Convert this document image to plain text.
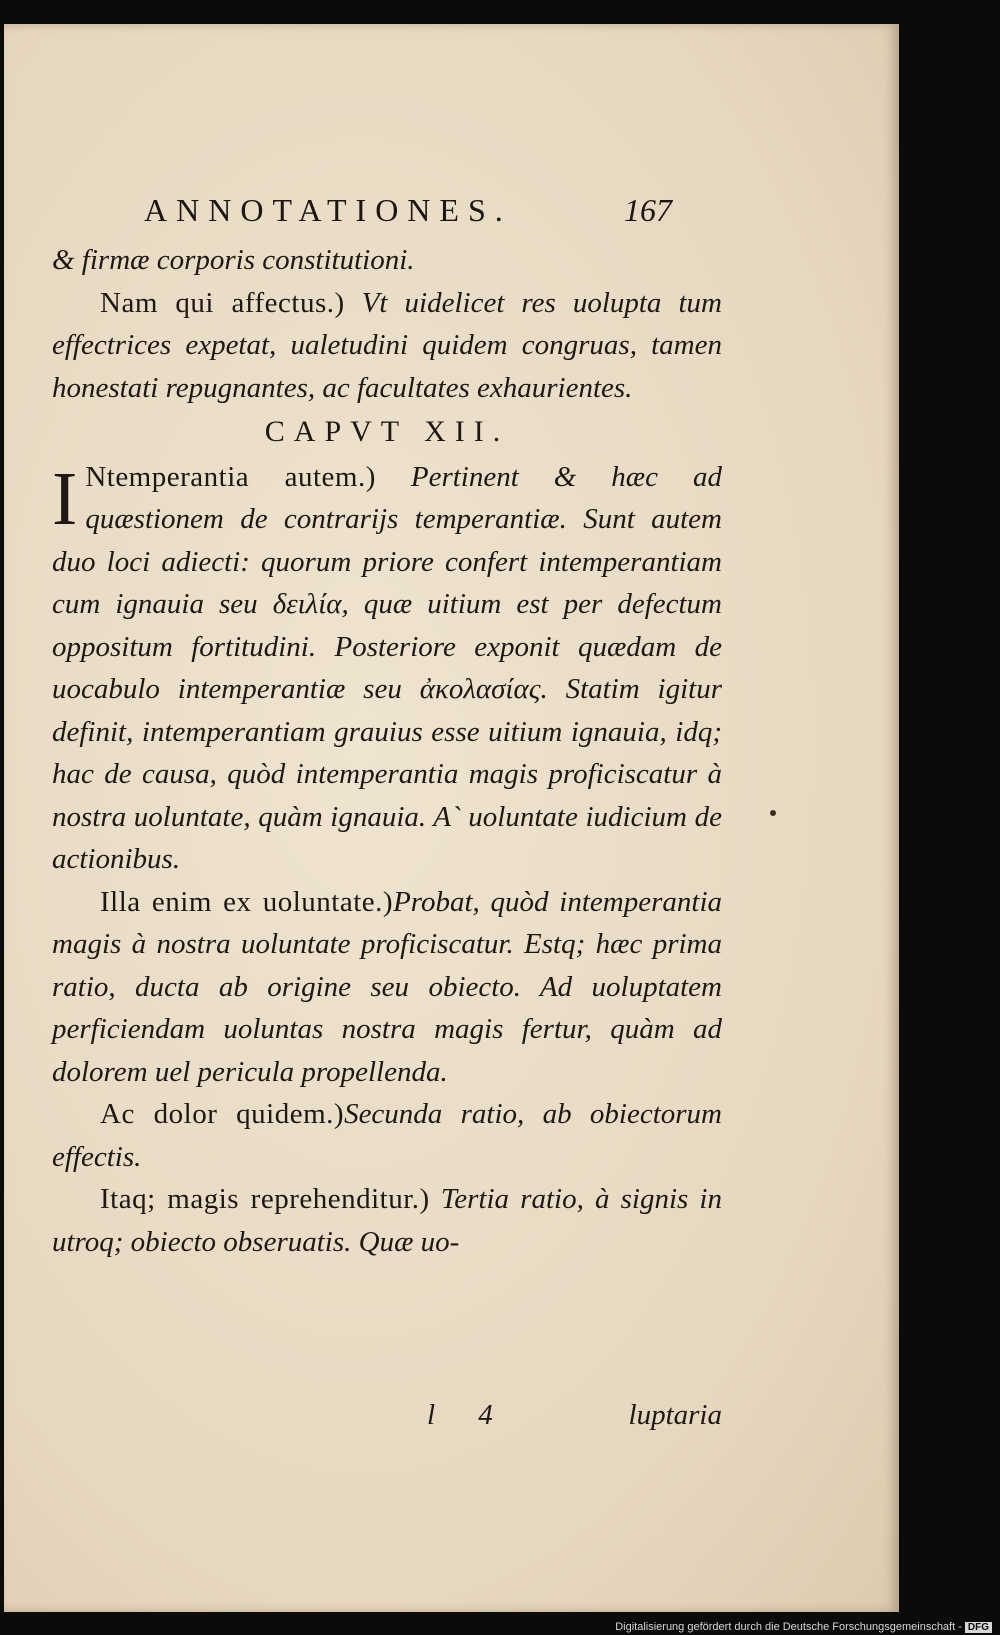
ANNOTATIONES.	167

& firmæ corporis constitutioni.

Nam qui affectus.) Vt uidelicet res uolupta tum effectrices expetat, ualetudini quidem congruas, tamen honestati repugnantes, ac facultates exhaurientes.

CAPVT XII.

I Ntemperantia autem.) Pertinent & hæc ad quæstionem de contrarijs temperantiæ. Sunt autem duo loci adiecti: quorum priore confert intemperantiam cum ignauia seu δειλία, quæ uitium est per defectum oppositum fortitudini. Posteriore exponit quædam de uocabulo intemperantiæ seu ἀκολασίας. Statim igitur definit, intemperantiam grauius esse uitium ignauia, idq; hac de causa, quòd intemperantia magis proficiscatur à nostra uoluntate, quàm ignauia. A` uoluntate iudicium de actionibus.

Illa enim ex uoluntate.)Probat, quòd intemperantia magis à nostra uoluntate proficiscatur. Estq; hæc prima ratio, ducta ab origine seu obiecto. Ad uoluptatem perficiendam uoluntas nostra magis fertur, quàm ad dolorem uel pericula propellenda.

Ac dolor quidem.)Secunda ratio, ab obiectorum effectis.

Itaq; magis reprehenditur.) Tertia ratio, à signis in utroq; obiecto obseruatis. Quæ uo-

l 4	luptaria
Digitalisierung gefördert durch die Deutsche Forschungsgemeinschaft - DFG
